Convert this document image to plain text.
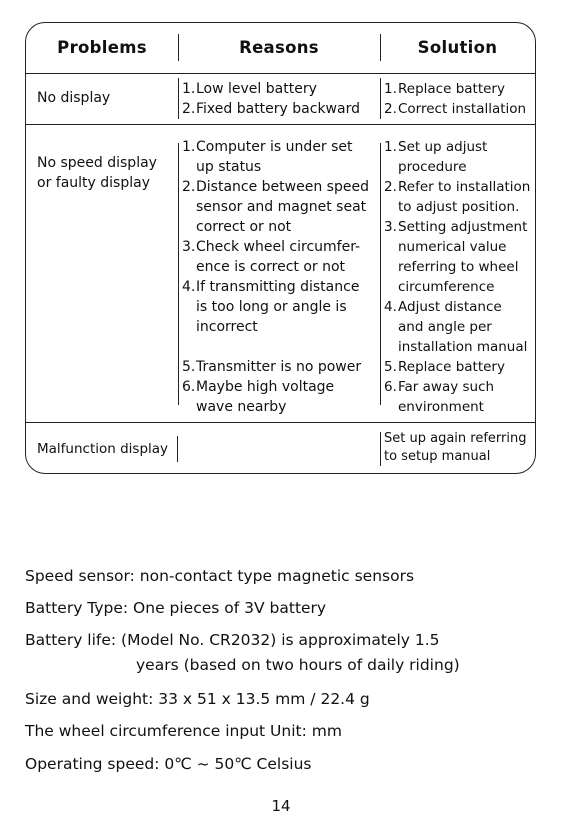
Problems	Reasons	Solution
No display
1. Low level battery
2. Fixed battery backward
1. Replace battery
2. Correct installation
No speed display
or faulty display
1. Computer is under set
up status
2. Distance between speed
sensor and magnet seat
correct or not
3. Check wheel circumfer-
ence is correct or not
4. If transmitting distance
is too long or angle is
incorrect
5. Transmitter is no power
6. Maybe high voltage
wave nearby
1. Set up adjust
procedure
2. Refer to installation
to adjust position.
3. Setting adjustment
numerical value
referring to wheel
circumference
4. Adjust distance
and angle per
installation manual
5. Replace battery
6. Far away such
environment
Malfunction display
Set up again referring
to setup manual
Speed sensor: non-contact type magnetic sensors
Battery Type: One pieces of 3V battery
Battery life: (Model No. CR2032) is approximately 1.5
years (based on two hours of daily riding)
Size and weight: 33 x 51 x 13.5 mm / 22.4 g
The wheel circumference input Unit: mm
Operating speed: 0℃ ~ 50℃ Celsius
14
